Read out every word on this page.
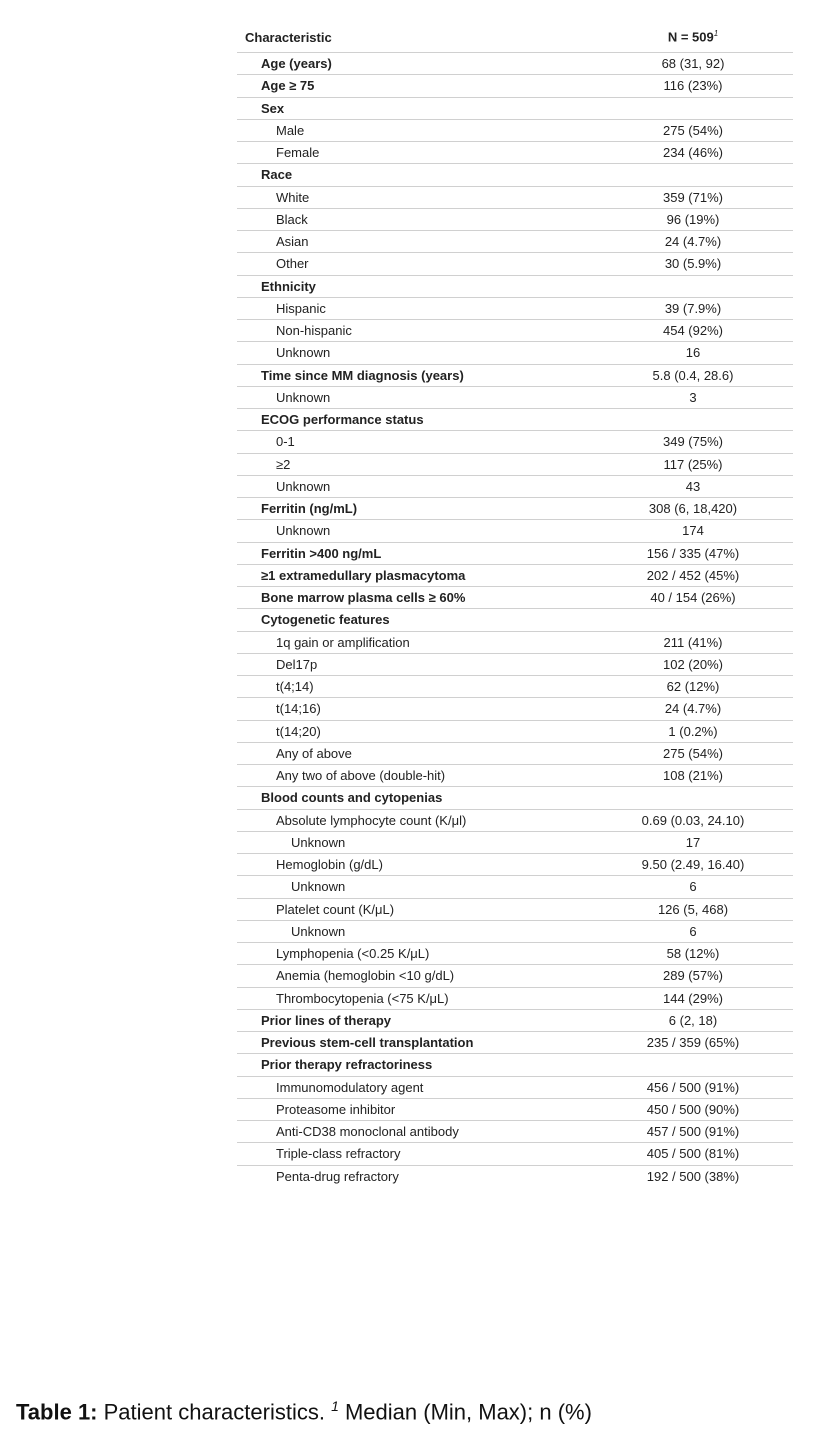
Characteristic	$N = 509^1$
Age (years)	68 (31, 92)
Age ≥ 75	116 (23%)
Sex
Male	275 (54%)
Female	234 (46%)
Race
White	359 (71%)
Black	96 (19%)
Asian	24 (4.7%)
Other	30 (5.9%)
Ethnicity
Hispanic	39 (7.9%)
Non-hispanic	454 (92%)
Unknown	16
Time since MM diagnosis (years)	5.8 (0.4, 28.6)
Unknown	3
ECOG performance status
0-1	349 (75%)
≥2	117 (25%)
Unknown	43
Ferritin (ng/mL)	308 (6, 18,420)
Unknown	174
Ferritin >400 ng/mL	156 / 335 (47%)
≥1 extramedullary plasmacytoma	202 / 452 (45%)
Bone marrow plasma cells ≥ 60%	40 / 154 (26%)
Cytogenetic features
1q gain or amplification	211 (41%)
Del17p	102 (20%)
t(4;14)	62 (12%)
t(14;16)	24 (4.7%)
t(14;20)	1 (0.2%)
Any of above	275 (54%)
Any two of above (double-hit)	108 (21%)
Blood counts and cytopenias
Absolute lymphocyte count (K/μl)	0.69 (0.03, 24.10)
Unknown	17
Hemoglobin (g/dL)	9.50 (2.49, 16.40)
Unknown	6
Platelet count (K/μL)	126 (5, 468)
Unknown	6
Lymphopenia (<0.25 K/μL)	58 (12%)
Anemia (hemoglobin <10 g/dL)	289 (57%)
Thrombocytopenia (<75 K/μL)	144 (29%)
Prior lines of therapy	6 (2, 18)
Previous stem-cell transplantation	235 / 359 (65%)
Prior therapy refractoriness
Immunomodulatory agent	456 / 500 (91%)
Proteasome inhibitor	450 / 500 (90%)
Anti-CD38 monoclonal antibody	457 / 500 (91%)
Triple-class refractory	405 / 500 (81%)
Penta-drug refractory	192 / 500 (38%)
Table 1: Patient characteristics. $^1$ Median (Min, Max); n (%)
